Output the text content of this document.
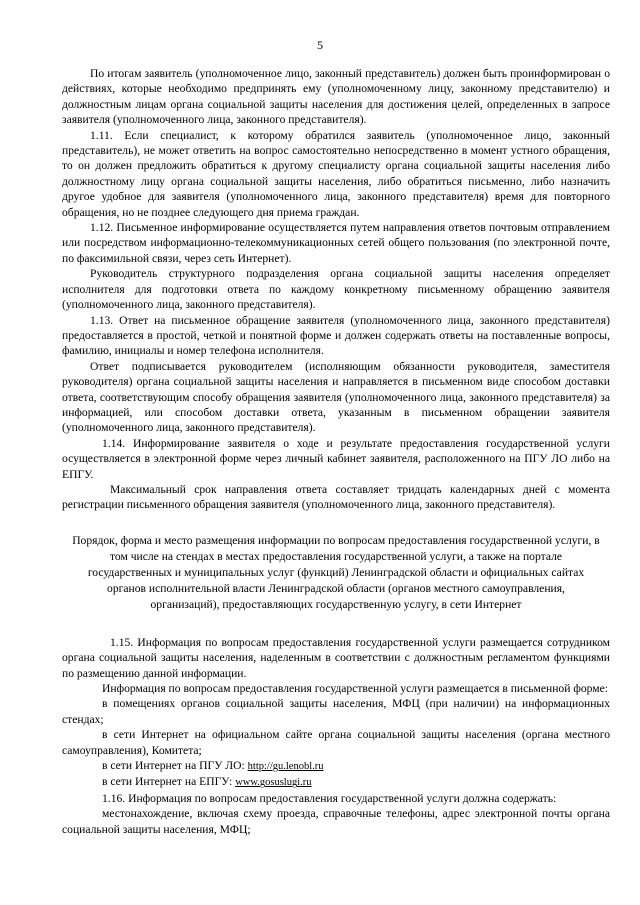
5

По итогам заявитель (уполномоченное лицо, законный представитель) должен быть проинформирован о действиях, которые необходимо предпринять ему (уполномоченному лицу, законному представителю) и должностным лицам органа социальной защиты населения для достижения целей, определенных в запросе заявителя (уполномоченного лица, законного представителя).

1.11. Если специалист, к которому обратился заявитель (уполномоченное лицо, законный представитель), не может ответить на вопрос самостоятельно непосредственно в момент устного обращения, то он должен предложить обратиться к другому специалисту органа социальной защиты населения либо должностному лицу органа социальной защиты населения, либо обратиться письменно, либо назначить другое удобное для заявителя (уполномоченного лица, законного представителя) время для повторного обращения, но не позднее следующего дня приема граждан.

1.12. Письменное информирование осуществляется путем направления ответов почтовым отправлением или посредством информационно-телекоммуникационных сетей общего пользования (по электронной почте, по факсимильной связи, через сеть Интернет).

Руководитель структурного подразделения органа социальной защиты населения определяет исполнителя для подготовки ответа по каждому конкретному письменному обращению заявителя (уполномоченного лица, законного представителя).

1.13. Ответ на письменное обращение заявителя (уполномоченного лица, законного представителя) предоставляется в простой, четкой и понятной форме и должен содержать ответы на поставленные вопросы, фамилию, инициалы и номер телефона исполнителя.

Ответ подписывается руководителем (исполняющим обязанности руководителя, заместителя руководителя) органа социальной защиты населения и направляется в письменном виде способом доставки ответа, соответствующим способу обращения заявителя (уполномоченного лица, законного представителя) за информацией, или способом доставки ответа, указанным в письменном обращении заявителя (уполномоченного лица, законного представителя).

1.14. Информирование заявителя о ходе и результате предоставления государственной услуги осуществляется в электронной форме через личный кабинет заявителя, расположенного на ПГУ ЛО либо на ЕПГУ.

Максимальный срок направления ответа составляет тридцать календарных дней с момента регистрации письменного обращения заявителя (уполномоченного лица, законного представителя).

Порядок, форма и место размещения информации по вопросам предоставления государственной услуги, в том числе на стендах в местах предоставления государственной услуги, а также на портале государственных и муниципальных услуг (функций) Ленинградской области и официальных сайтах органов исполнительной власти Ленинградской области (органов местного самоуправления, организаций), предоставляющих государственную услугу, в сети Интернет

1.15. Информация по вопросам предоставления государственной услуги размещается сотрудником органа социальной защиты населения, наделенным в соответствии с должностным регламентом функциями по размещению данной информации.

Информация по вопросам предоставления государственной услуги размещается в письменной форме:

в помещениях органов социальной защиты населения, МФЦ (при наличии) на информационных стендах;

в сети Интернет на официальном сайте органа социальной защиты населения (органа местного самоуправления), Комитета;

в сети Интернет на ПГУ ЛО: http://gu.lenobl.ru

в сети Интернет на ЕПГУ: www.gosuslugi.ru

1.16. Информация по вопросам предоставления государственной услуги должна содержать:

местонахождение, включая схему проезда, справочные телефоны, адрес электронной почты органа социальной защиты населения, МФЦ;
